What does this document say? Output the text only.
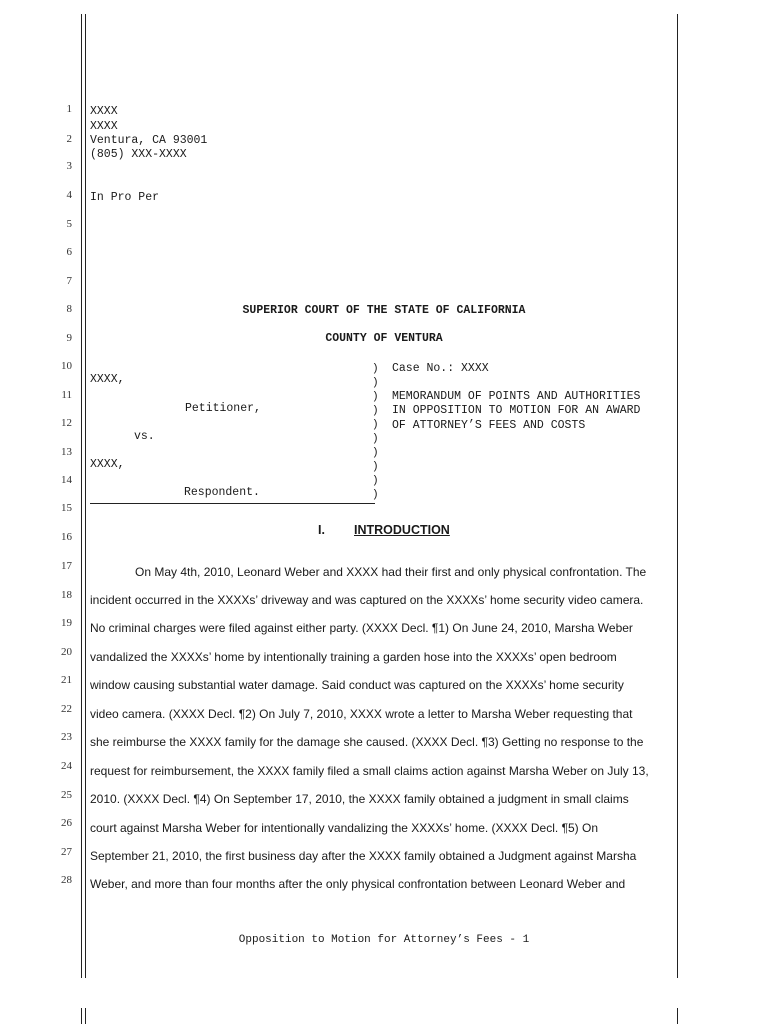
1
2
3
4
5
6
7
8
9
10
11
12
13
14
15
16
17
18
19
20
21
22
23
24
25
26
27
28
XXXX
XXXX
Ventura, CA 93001
(805) XXX-XXXX
In Pro Per
SUPERIOR COURT OF THE STATE OF CALIFORNIA
COUNTY OF VENTURA
XXXX,
Petitioner,
vs.
XXXX,
Respondent.
)
)
)
)
)
)
)
)
)
)
Case No.: XXXX
MEMORANDUM OF POINTS AND AUTHORITIES
IN OPPOSITION TO MOTION FOR AN AWARD
OF ATTORNEY’S FEES AND COSTS
I. INTRODUCTION
On May 4th, 2010, Leonard Weber and XXXX had their first and only physical confrontation. The
incident occurred in the XXXXs’ driveway and was captured on the XXXXs’ home security video camera.
No criminal charges were filed against either party. (XXXX Decl. ¶1) On June 24, 2010, Marsha Weber
vandalized the XXXXs’ home by intentionally training a garden hose into the XXXXs’ open bedroom
window causing substantial water damage. Said conduct was captured on the XXXXs’ home security
video camera. (XXXX Decl. ¶2) On July 7, 2010, XXXX wrote a letter to Marsha Weber requesting that
she reimburse the XXXX family for the damage she caused. (XXXX Decl. ¶3) Getting no response to the
request for reimbursement, the XXXX family filed a small claims action against Marsha Weber on July 13,
2010. (XXXX Decl. ¶4) On September 17, 2010, the XXXX family obtained a judgment in small claims
court against Marsha Weber for intentionally vandalizing the XXXXs’ home. (XXXX Decl. ¶5) On
September 21, 2010, the first business day after the XXXX family obtained a Judgment against Marsha
Weber, and more than four months after the only physical confrontation between Leonard Weber and
Opposition to Motion for Attorney’s Fees - 1
